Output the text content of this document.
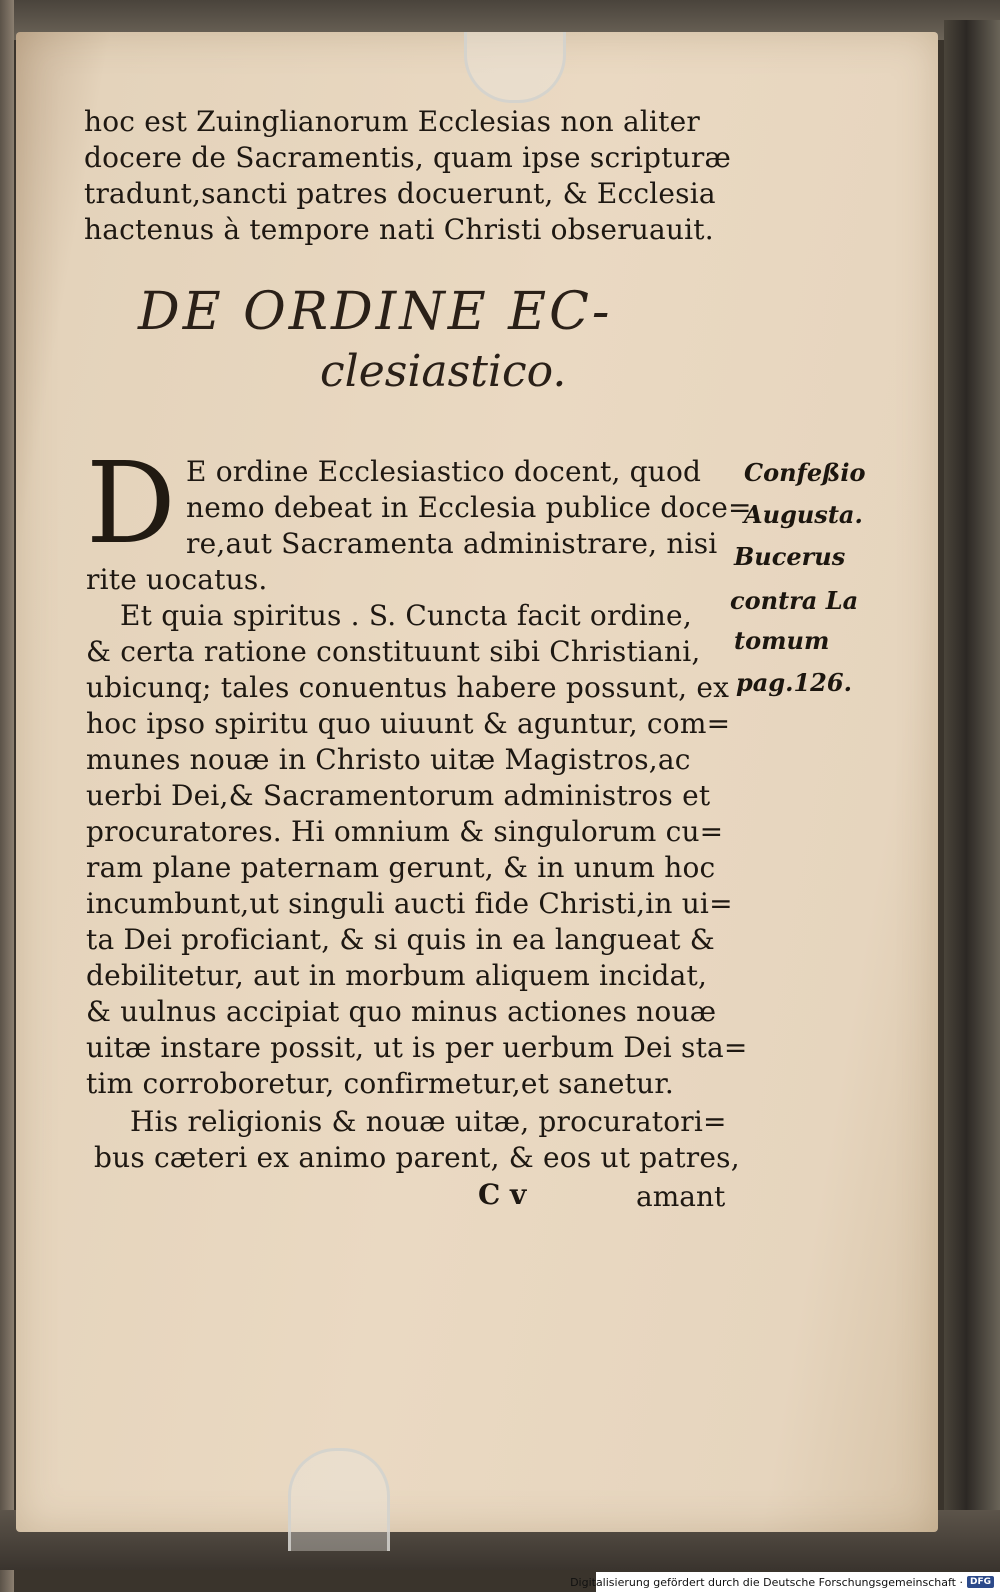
hoc est Zuinglianorum Ecclesias non aliter
docere de Sacramentis, quam ipse scripturæ
tradunt,sancti patres docuerunt, & Ecclesia
hactenus à tempore nati Christi obseruauit.
DE ORDINE EC-
clesiastico.
D E ordine Ecclesiastico docent, quod
nemo debeat in Ecclesia publice doce=
re,aut Sacramenta administrare, nisi
rite uocatus.
Et quia spiritus . S. Cuncta facit ordine,
& certa ratione constituunt sibi Christiani,
ubicunq; tales conuentus habere possunt, ex
hoc ipso spiritu quo uiuunt & aguntur, com=
munes nouæ in Christo uitæ Magistros,ac
uerbi Dei,& Sacramentorum administros et
procuratores. Hi omnium & singulorum cu=
ram plane paternam gerunt, & in unum hoc
incumbunt,ut singuli aucti fide Christi,in ui=
ta Dei proficiant, & si quis in ea langueat &
debilitetur, aut in morbum aliquem incidat,
& uulnus accipiat quo minus actiones nouæ
uitæ instare possit, ut is per uerbum Dei sta=
tim corroboretur, confirmetur,et sanetur.
His religionis & nouæ uitæ, procuratori=
bus cæteri ex animo parent, & eos ut patres,
Confeßio
Augusta.
Bucerus
contra La
tomum
pag.126.
C v	amant
Digitalisierung gefördert durch die Deutsche Forschungsgemeinschaft · DFG
